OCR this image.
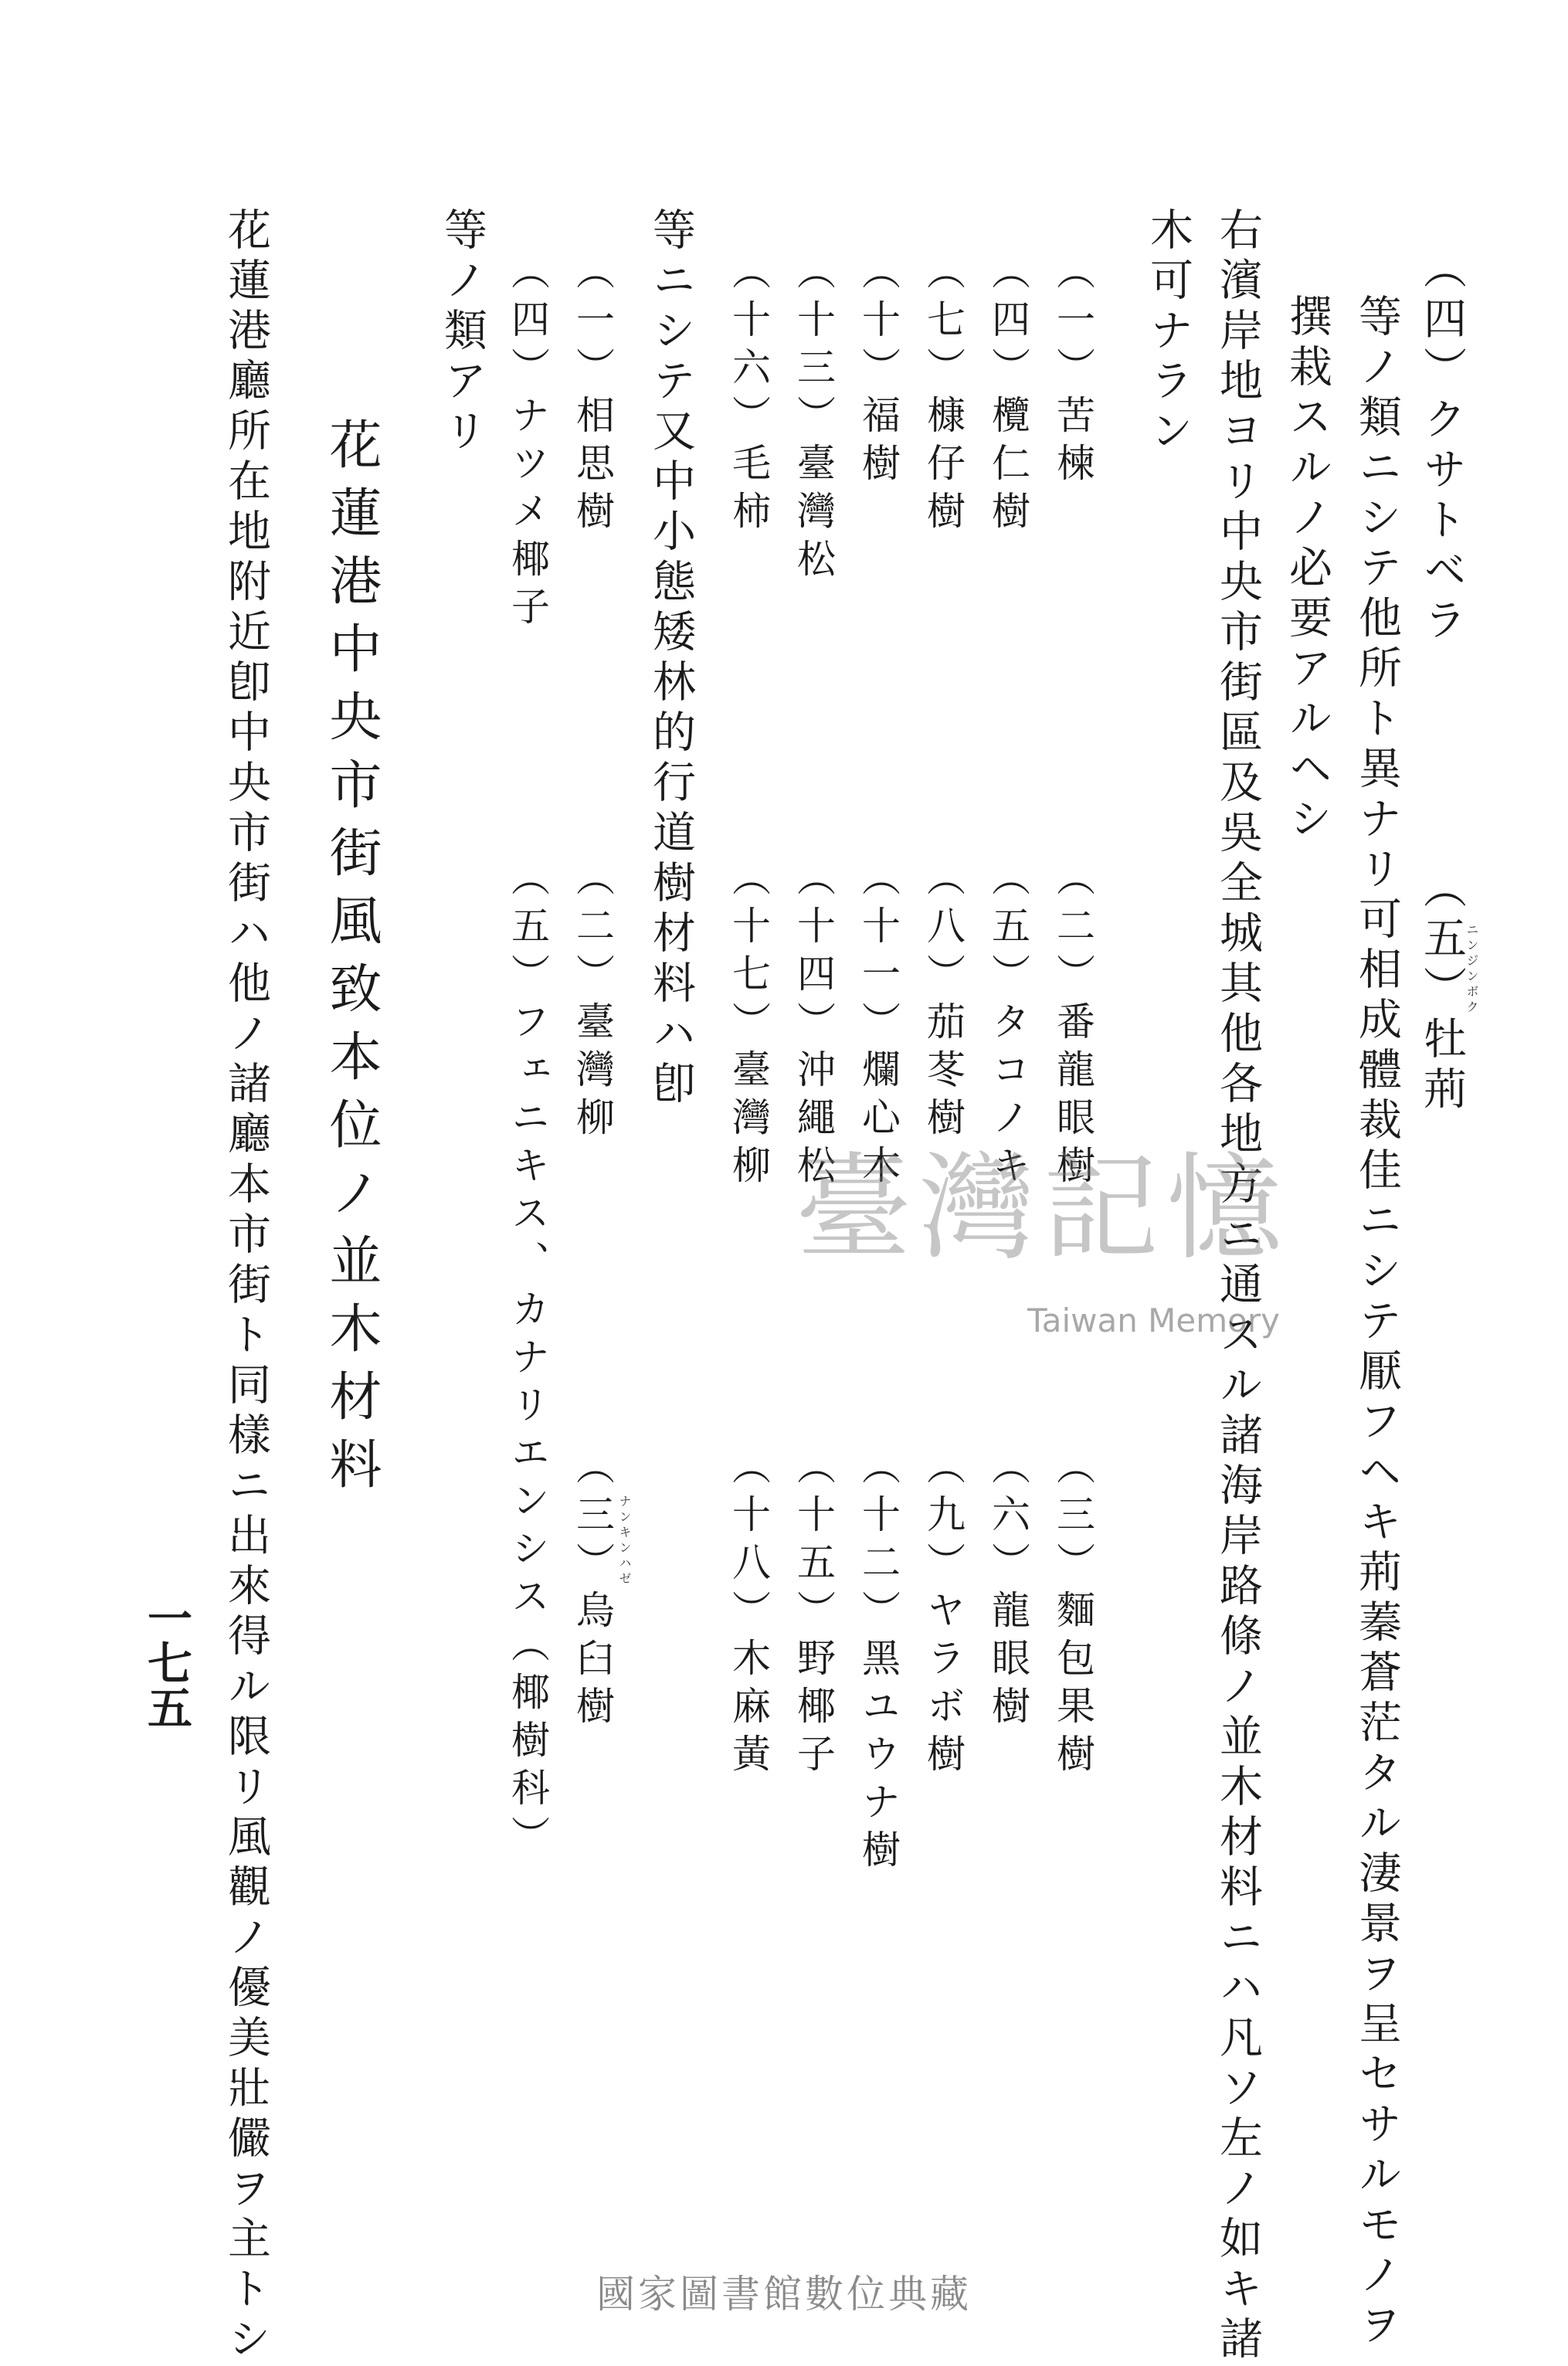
（四）クサトベラ
等ノ類ニシテ他所ト異ナリ可相成體裁佳ニシテ厭フヘキ荊蓁蒼茫タル淒景ヲ呈セサルモノヲ
撰栽スルノ必要アルヘシ
右濱岸地ヨリ中央市街區及吳全城其他各地方ニ通スル諸海岸路條ノ並木材料ニハ凡ソ左ノ如キ諸
木可ナラン
（五）牡荊
ニンジンボク
（一）苦楝
（四）欖仁樹
（七）槺仔樹
（十）福樹
（十三）臺灣松
（十六）毛柿
（二）番龍眼樹
（五）タコノキ
（八）茄苳樹
（十一）爛心木
（十四）沖繩松
（十七）臺灣柳
（三）麵包果樹
（六）龍眼樹
（九）ヤラボ樹
（十二）黑ユウナ樹
（十五）野椰子
（十八）木麻黃
等ニシテ又中小態矮林的行道樹材料ハ卽
（一）相思樹
（四）ナツメ椰子
（二）臺灣柳
（五）フェニキス、カナリエンシス（椰樹科） （三）烏臼樹 ナンキンハゼ
等ノ類アリ
花蓮港中央市街風致本位ノ並木材料
花蓮港廳所在地附近卽中央市街ハ他ノ諸廳本市街ト同樣ニ出來得ル限リ風觀ノ優美壯儼ヲ主トシ
一七五
臺灣記憶
Taiwan Memory
國家圖書館數位典藏
